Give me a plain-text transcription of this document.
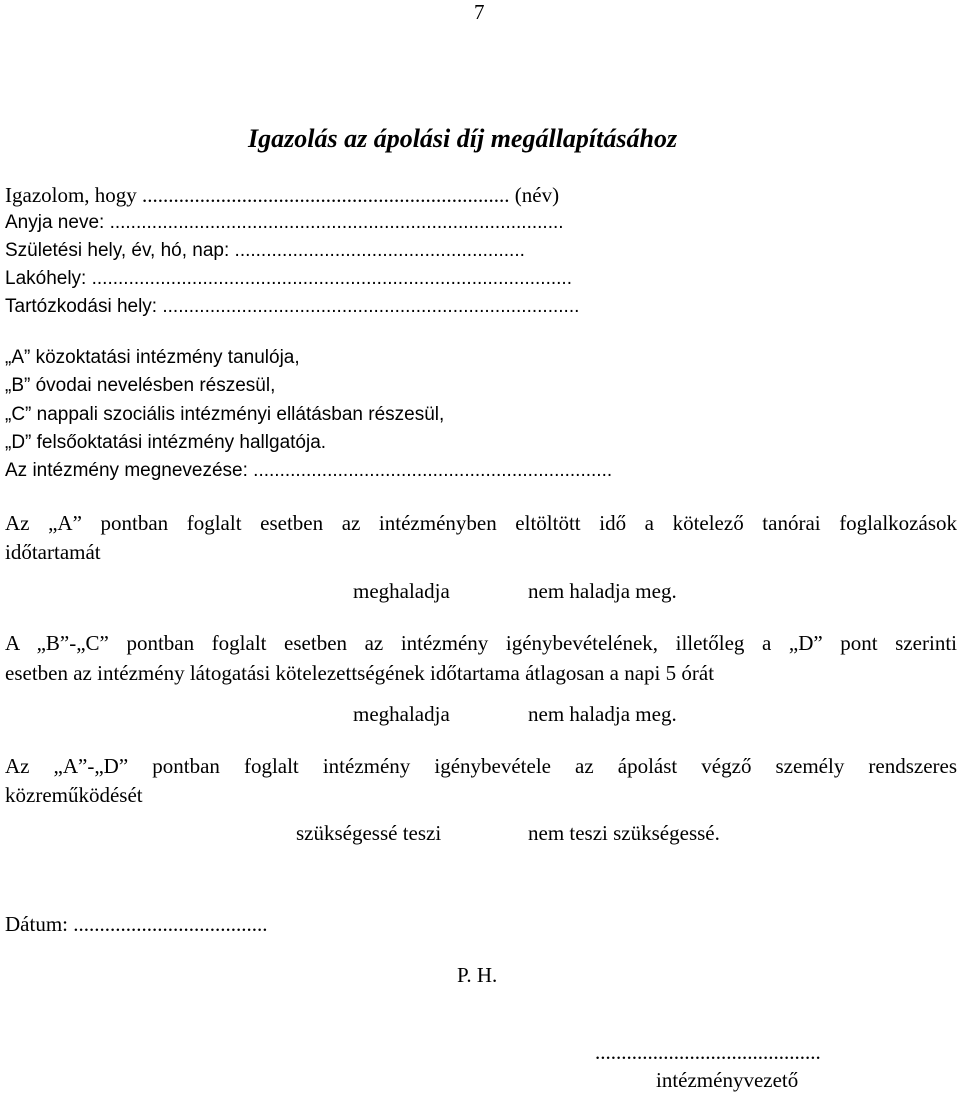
7
Igazolás az ápolási díj megállapításához
Igazolom, hogy ...................................................................... (név)
Anyja neve: ......................................................................................
Születési hely, év, hó, nap: .......................................................
Lakóhely: ...........................................................................................
Tartózkodási hely: ...............................................................................
„A” közoktatási intézmény tanulója,
„B” óvodai nevelésben részesül,
„C” nappali szociális intézményi ellátásban részesül,
„D” felsőoktatási intézmény hallgatója.
Az intézmény megnevezése: ....................................................................
Az „A” pontban foglalt esetben az intézményben eltöltött idő a kötelező tanórai foglalkozások
időtartamát
meghaladja	nem haladja meg.
A „B”-„C” pontban foglalt esetben az intézmény igénybevételének, illetőleg a „D” pont szerinti
esetben az intézmény látogatási kötelezettségének időtartama átlagosan a napi 5 órát
meghaladja	nem haladja meg.
Az „A”-„D” pontban foglalt intézmény igénybevétele az ápolást végző személy rendszeres
közreműködését
szükségessé teszi	nem teszi szükségessé.
Dátum: .....................................
P. H.
...........................................
intézményvezető
